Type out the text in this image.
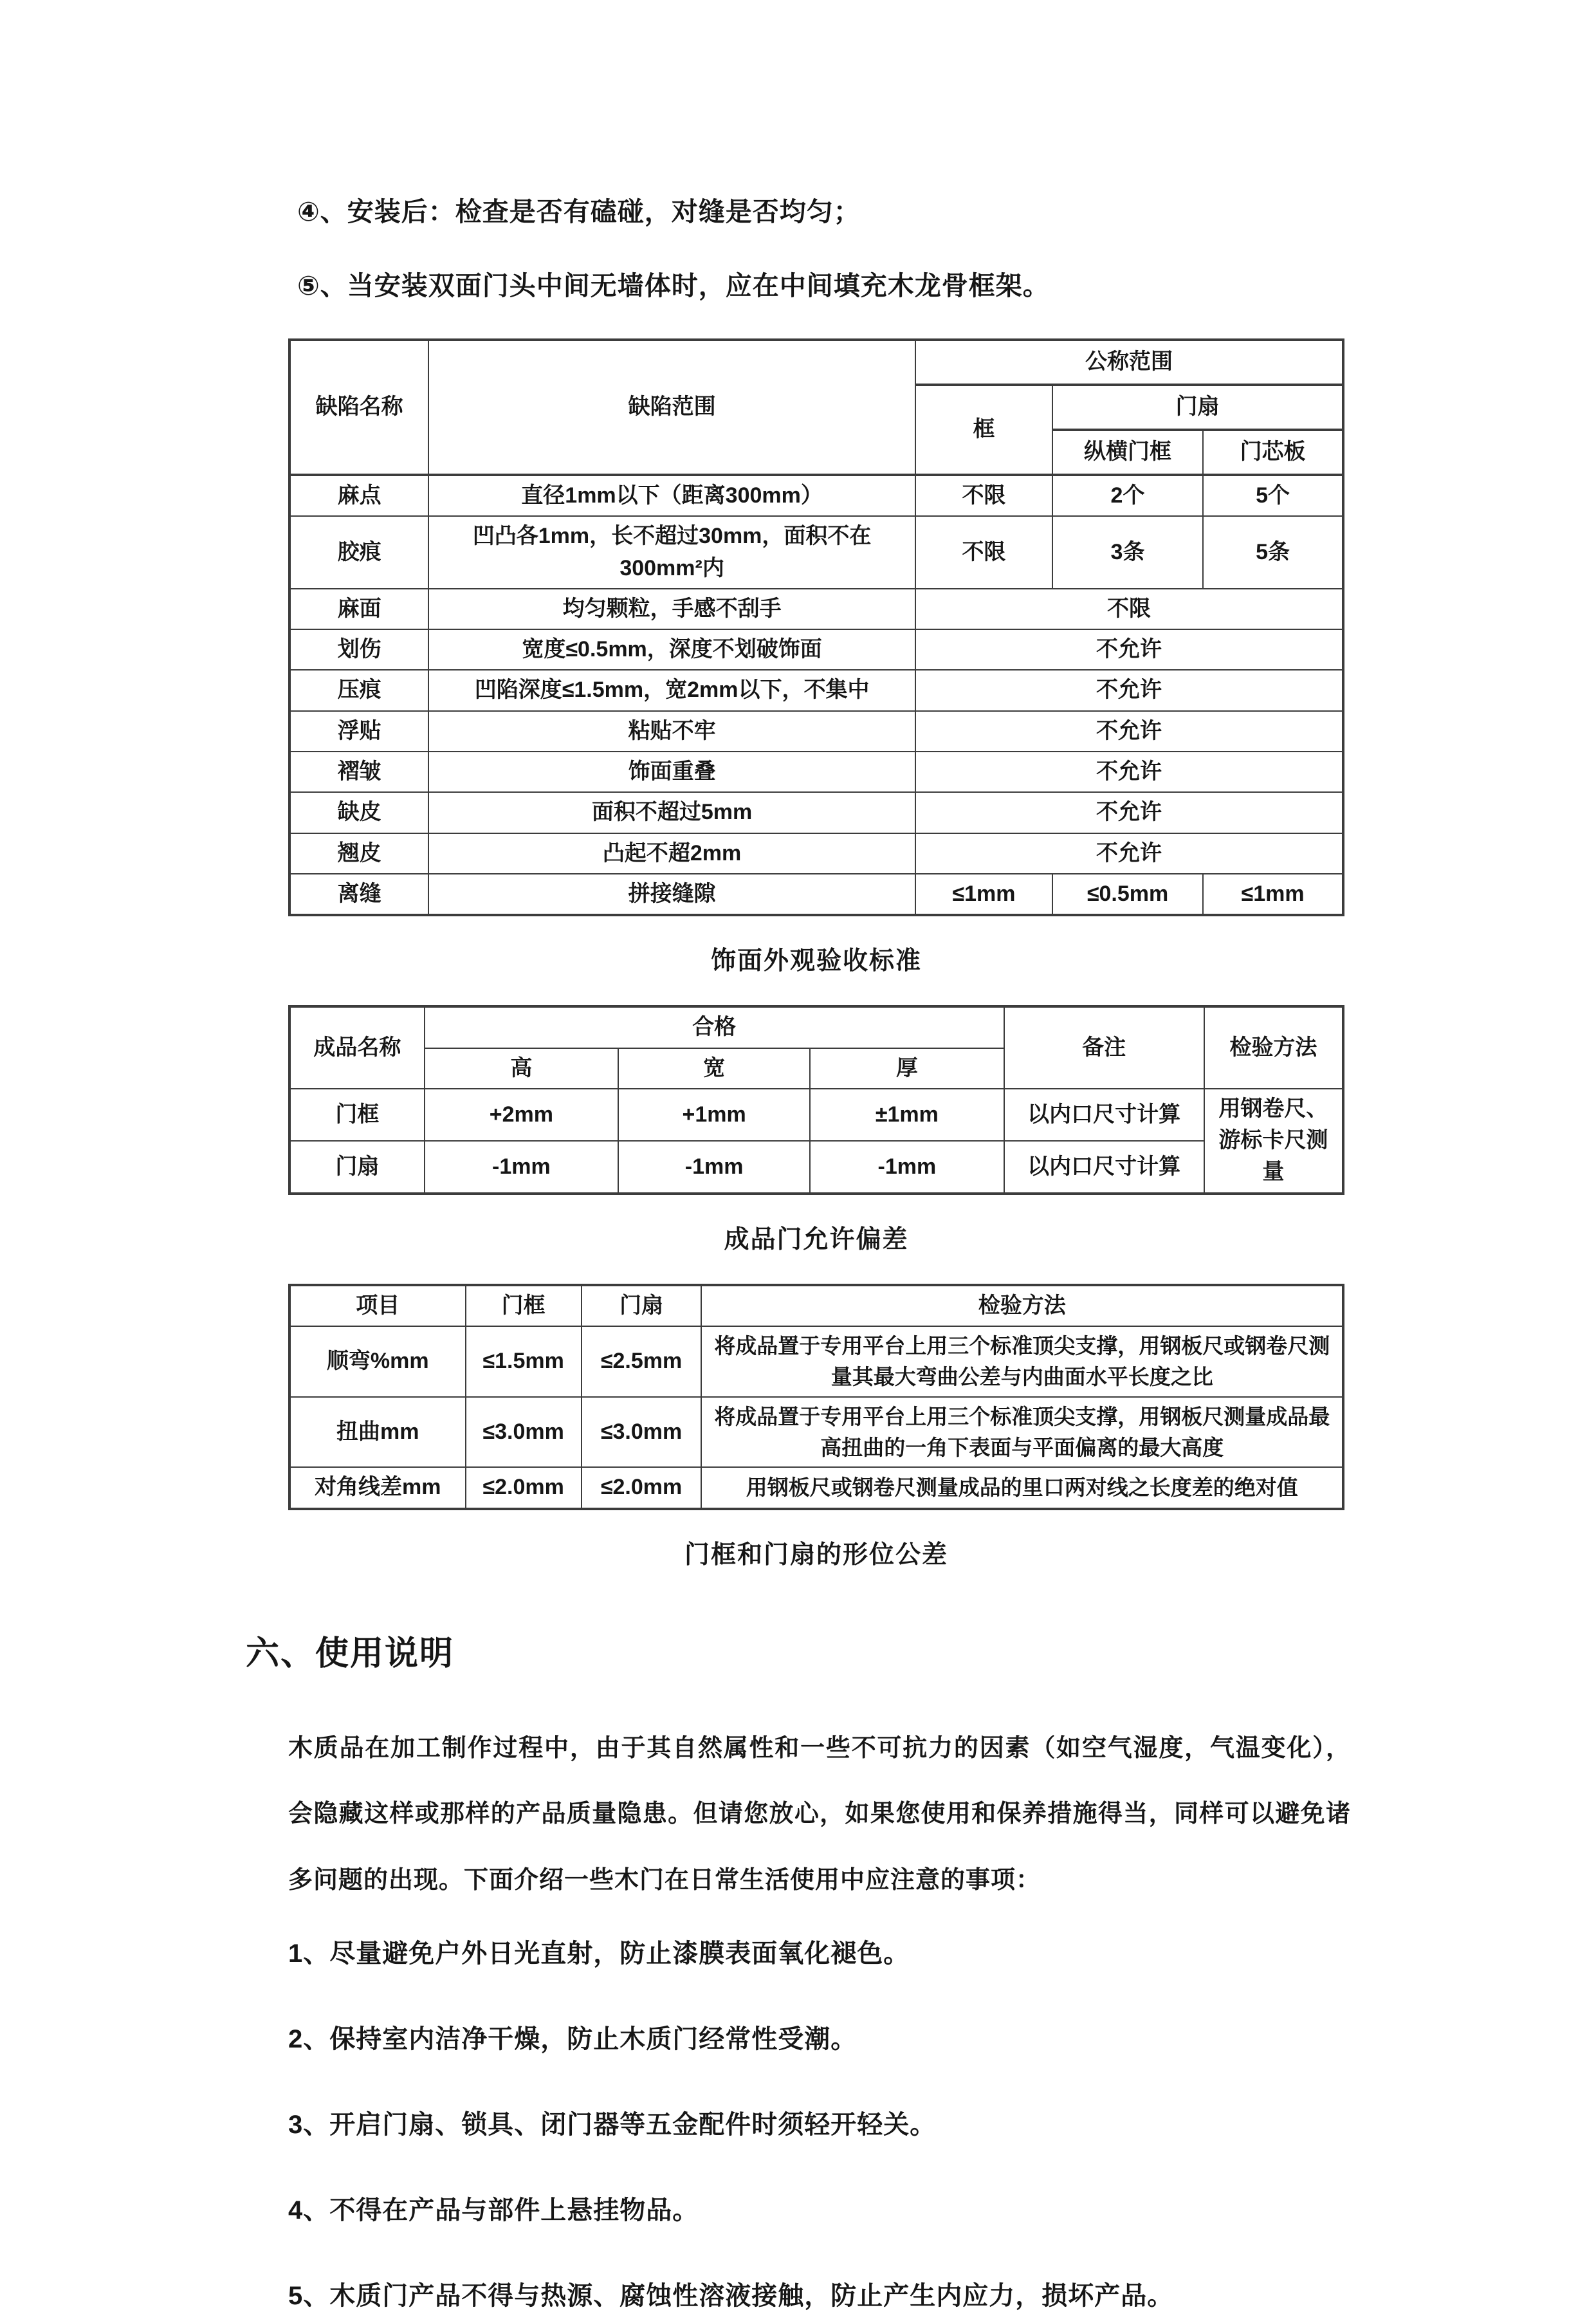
④、安装后：检查是否有磕碰，对缝是否均匀；

⑤、当安装双面门头中间无墙体时，应在中间填充木龙骨框架。

缺陷名称	缺陷范围	公称范围		
		框	门扇	
			纵横门框	门芯板
麻点	直径1mm以下（距离300mm）	不限	2个	5个
胶痕	凹凸各1mm，长不超过30mm，面积不在300mm²内	不限	3条	5条
麻面	均匀颗粒，手感不刮手	不限		
划伤	宽度≤0.5mm，深度不划破饰面	不允许		
压痕	凹陷深度≤1.5mm，宽2mm以下，不集中	不允许		
浮贴	粘贴不牢	不允许		
褶皱	饰面重叠	不允许		
缺皮	面积不超过5mm	不允许		
翘皮	凸起不超2mm	不允许		
离缝	拼接缝隙	≤1mm	≤0.5mm	≤1mm

饰面外观验收标准

成品名称	合格			备注	检验方法
	高	宽	厚		
门框	+2mm	+1mm	±1mm	以内口尺寸计算	用钢卷尺、游标卡尺测量
门扇	-1mm	-1mm	-1mm	以内口尺寸计算	

成品门允许偏差

项目	门框	门扇	检验方法
顺弯%mm	≤1.5mm	≤2.5mm	将成品置于专用平台上用三个标准顶尖支撑，用钢板尺或钢卷尺测量其最大弯曲公差与内曲面水平长度之比
扭曲mm	≤3.0mm	≤3.0mm	将成品置于专用平台上用三个标准顶尖支撑，用钢板尺测量成品最高扭曲的一角下表面与平面偏离的最大高度
对角线差mm	≤2.0mm	≤2.0mm	用钢板尺或钢卷尺测量成品的里口两对线之长度差的绝对值

门框和门扇的形位公差

六、使用说明

木质品在加工制作过程中，由于其自然属性和一些不可抗力的因素（如空气湿度，气温变化），会隐藏这样或那样的产品质量隐患。但请您放心，如果您使用和保养措施得当，同样可以避免诸多问题的出现。下面介绍一些木门在日常生活使用中应注意的事项：

1、尽量避免户外日光直射，防止漆膜表面氧化褪色。

2、保持室内洁净干燥，防止木质门经常性受潮。

3、开启门扇、锁具、闭门器等五金配件时须轻开轻关。

4、不得在产品与部件上悬挂物品。

5、木质门产品不得与热源、腐蚀性溶液接触，防止产生内应力，损坏产品。
